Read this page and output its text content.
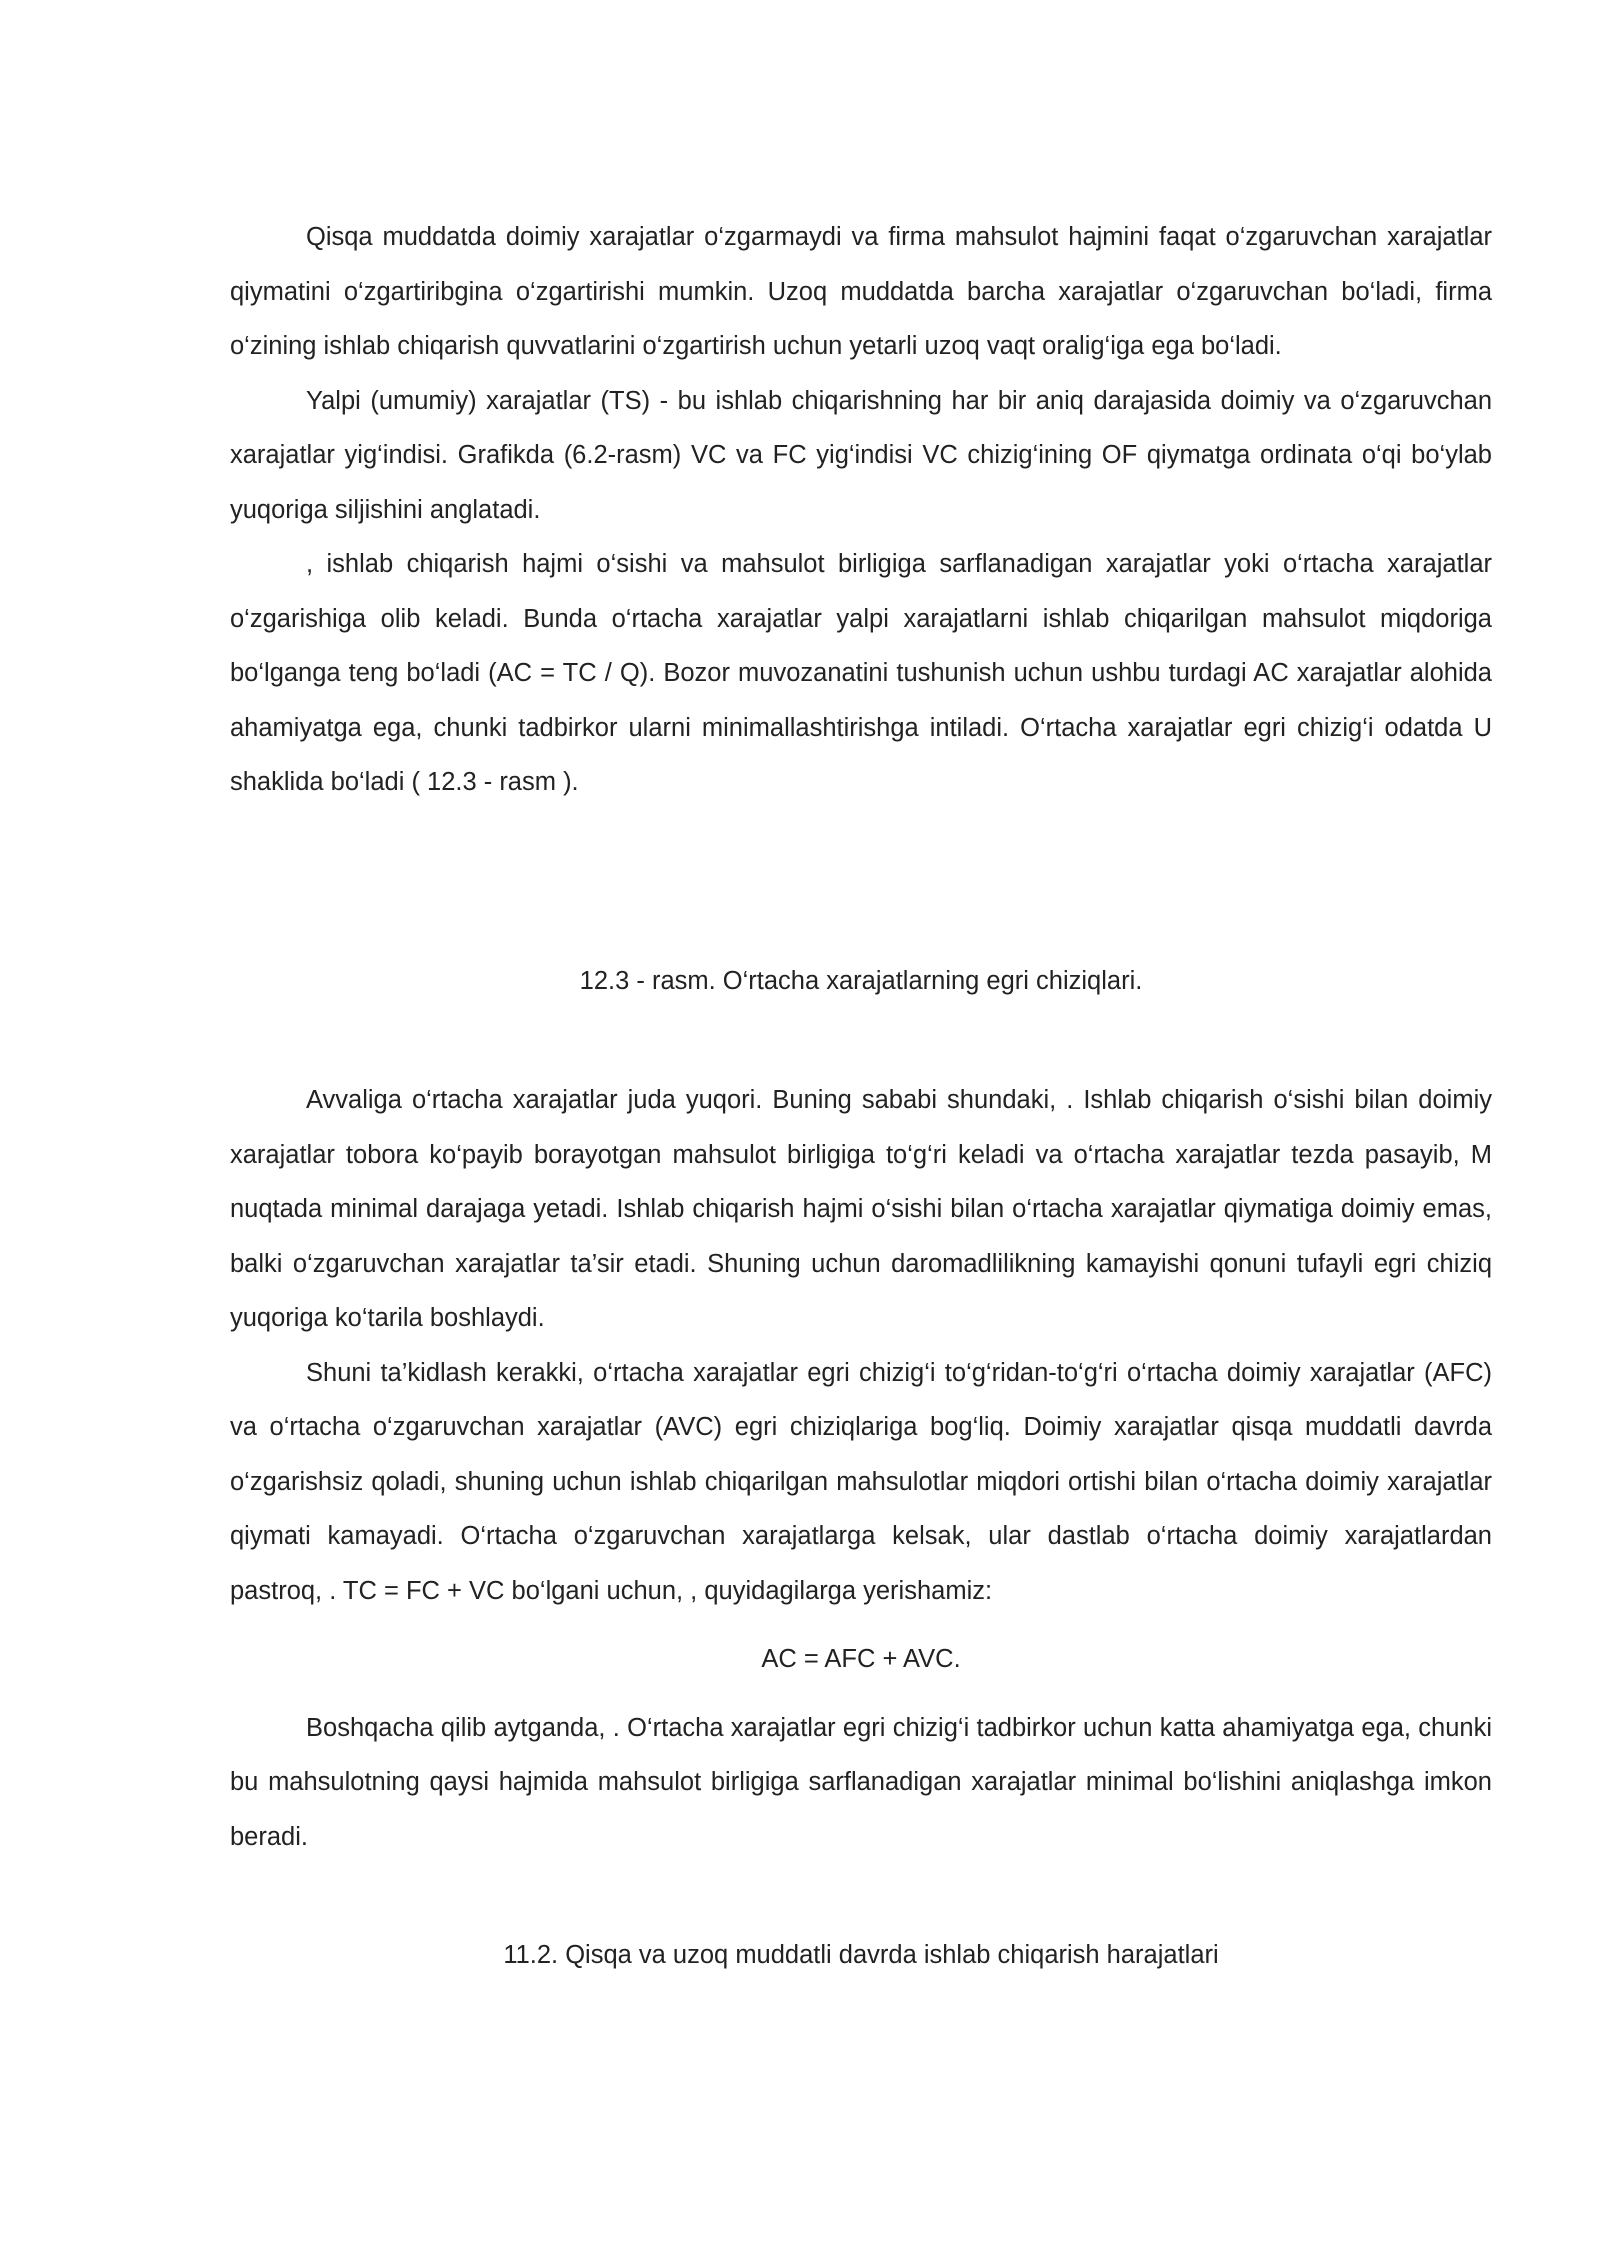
Qisqa muddatda doimiy xarajatlar o‘zgarmaydi va firma mahsulot hajmini faqat o‘zgaruvchan xarajatlar qiymatini o‘zgartiribgina o‘zgartirishi mumkin. Uzoq muddatda barcha xarajatlar o‘zgaruvchan bo‘ladi, firma o‘zining ishlab chiqarish quvvatlarini o‘zgartirish uchun yetarli uzoq vaqt oralig‘iga ega bo‘ladi.

Yalpi (umumiy) xarajatlar (TS) - bu ishlab chiqarishning har bir aniq darajasida doimiy va o‘zgaruvchan xarajatlar yig‘indisi. Grafikda (6.2-rasm) VC va FC yig‘indisi VC chizig‘ining OF qiymatga ordinata o‘qi bo‘ylab yuqoriga siljishini anglatadi.

, ishlab chiqarish hajmi o‘sishi va mahsulot birligiga sarflanadigan xarajatlar yoki o‘rtacha xarajatlar o‘zgarishiga olib keladi. Bunda o‘rtacha xarajatlar yalpi xarajatlarni ishlab chiqarilgan mahsulot miqdoriga bo‘lganga teng bo‘ladi (AC = TC / Q). Bozor muvozanatini tushunish uchun ushbu turdagi AC xarajatlar alohida ahamiyatga ega, chunki tadbirkor ularni minimallashtirishga intiladi. O‘rtacha xarajatlar egri chizig‘i odatda U shaklida bo‘ladi ( 12.3 - rasm ).

12.3 - rasm. O‘rtacha xarajatlarning egri chiziqlari.

Avvaliga o‘rtacha xarajatlar juda yuqori. Buning sababi shundaki, . Ishlab chiqarish o‘sishi bilan doimiy xarajatlar tobora ko‘payib borayotgan mahsulot birligiga to‘g‘ri keladi va o‘rtacha xarajatlar tezda pasayib, M nuqtada minimal darajaga yetadi. Ishlab chiqarish hajmi o‘sishi bilan o‘rtacha xarajatlar qiymatiga doimiy emas, balki o‘zgaruvchan xarajatlar ta’sir etadi. Shuning uchun daromadlilikning kamayishi qonuni tufayli egri chiziq yuqoriga ko‘tarila boshlaydi.

Shuni ta’kidlash kerakki, o‘rtacha xarajatlar egri chizig‘i to‘g‘ridan-to‘g‘ri o‘rtacha doimiy xarajatlar (AFC) va o‘rtacha o‘zgaruvchan xarajatlar (AVC) egri chiziqlariga bog‘liq. Doimiy xarajatlar qisqa muddatli davrda o‘zgarishsiz qoladi, shuning uchun ishlab chiqarilgan mahsulotlar miqdori ortishi bilan o‘rtacha doimiy xarajatlar qiymati kamayadi. O‘rtacha o‘zgaruvchan xarajatlarga kelsak, ular dastlab o‘rtacha doimiy xarajatlardan pastroq, . TC = FC + VC bo‘lgani uchun, , quyidagilarga yerishamiz:

AC = AFC + AVC.

Boshqacha qilib aytganda, . O‘rtacha xarajatlar egri chizig‘i tadbirkor uchun katta ahamiyatga ega, chunki bu mahsulotning qaysi hajmida mahsulot birligiga sarflanadigan xarajatlar minimal bo‘lishini aniqlashga imkon beradi.

11.2. Qisqa va uzoq muddatli davrda ishlab chiqarish harajatlari
